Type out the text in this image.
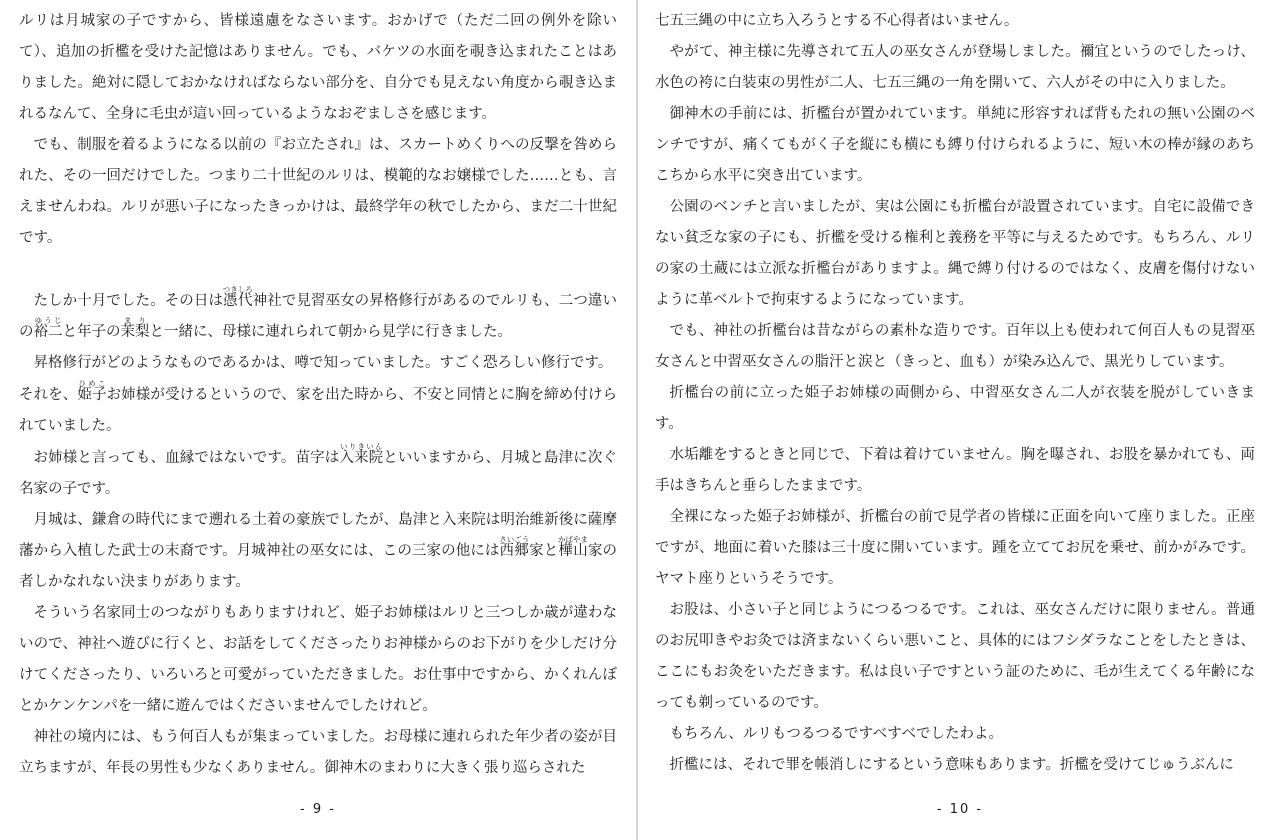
ルリは月城家の子ですから、皆様遠慮をなさいます。おかげで（ただ二回の例外を除いて）、追加の折檻を受けた記憶はありません。でも、バケツの水面を覗き込まれたことはありました。絶対に隠しておかなければならない部分を、自分でも見えない角度から覗き込まれるなんて、全身に毛虫が這い回っているようなおぞましさを感じます。

でも、制服を着るようになる以前の『お立たされ』は、スカートめくりへの反撃を咎められた、その一回だけでした。つまり二十世紀のルリは、模範的なお嬢様でした……とも、言えませんわね。ルリが悪い子になったきっかけは、最終学年の秋でしたから、まだ二十世紀です。

たしか十月でした。その日は憑代つきしろ神社で見習巫女の昇格修行があるのでルリも、二つ違いの裕二ゆうじと年子の茉梨まりと一緒に、母様に連れられて朝から見学に行きました。

昇格修行がどのようなものであるかは、噂で知っていました。すごく恐ろしい修行です。

それを、姫子ひめこお姉様が受けるというので、家を出た時から、不安と同情とに胸を締め付けられていました。

お姉様と言っても、血縁ではないです。苗字は入来院いりきいんといいますから、月城と島津に次ぐ名家の子です。

月城は、鎌倉の時代にまで遡れる土着の豪族でしたが、島津と入来院は明治維新後に薩摩藩から入植した武士の末裔です。月城神社の巫女には、この三家の他には西郷さいごう家と樺山かばやま家の者しかなれない決まりがあります。

そういう名家同士のつながりもありますけれど、姫子お姉様はルリと三つしか歳が違わないので、神社へ遊びに行くと、お話をしてくださったりお神様からのお下がりを少しだけ分けてくださったり、いろいろと可愛がっていただきました。お仕事中ですから、かくれんぼとかケンケンパを一緒に遊んではくださいませんでしたけれど。

神社の境内には、もう何百人もが集まっていました。お母様に連れられた年少者の姿が目立ちますが、年長の男性も少なくありません。御神木のまわりに大きく張り巡らされた

- 9 -

七五三縄の中に立ち入ろうとする不心得者はいません。

やがて、神主様に先導されて五人の巫女さんが登場しました。禰宜というのでしたっけ、水色の袴に白装束の男性が二人、七五三縄の一角を開いて、六人がその中に入りました。

御神木の手前には、折檻台が置かれています。単純に形容すれば背もたれの無い公園のベンチですが、痛くてもがく子を縦にも横にも縛り付けられるように、短い木の棒が縁のあちこちから水平に突き出ています。

公園のベンチと言いましたが、実は公園にも折檻台が設置されています。自宅に設備できない貧乏な家の子にも、折檻を受ける権利と義務を平等に与えるためです。もちろん、ルリの家の土蔵には立派な折檻台がありますよ。縄で縛り付けるのではなく、皮膚を傷付けないように革ベルトで拘束するようになっています。

でも、神社の折檻台は昔ながらの素朴な造りです。百年以上も使われて何百人もの見習巫女さんと中習巫女さんの脂汗と涙と（きっと、血も）が染み込んで、黒光りしています。

折檻台の前に立った姫子お姉様の両側から、中習巫女さん二人が衣装を脱がしていきます。

水垢離をするときと同じで、下着は着けていません。胸を曝され、お股を暴かれても、両手はきちんと垂らしたままです。

全裸になった姫子お姉様が、折檻台の前で見学者の皆様に正面を向いて座りました。正座ですが、地面に着いた膝は三十度に開いています。踵を立ててお尻を乗せ、前かがみです。ヤマト座りというそうです。

お股は、小さい子と同じようにつるつるです。これは、巫女さんだけに限りません。普通のお尻叩きやお灸では済まないくらい悪いこと、具体的にはフシダラなことをしたときは、ここにもお灸をいただきます。私は良い子ですという証のために、毛が生えてくる年齢になっても剃っているのです。

もちろん、ルリもつるつるですべすべでしたわよ。

折檻には、それで罪を帳消しにするという意味もあります。折檻を受けてじゅうぶんに

- 10 -
